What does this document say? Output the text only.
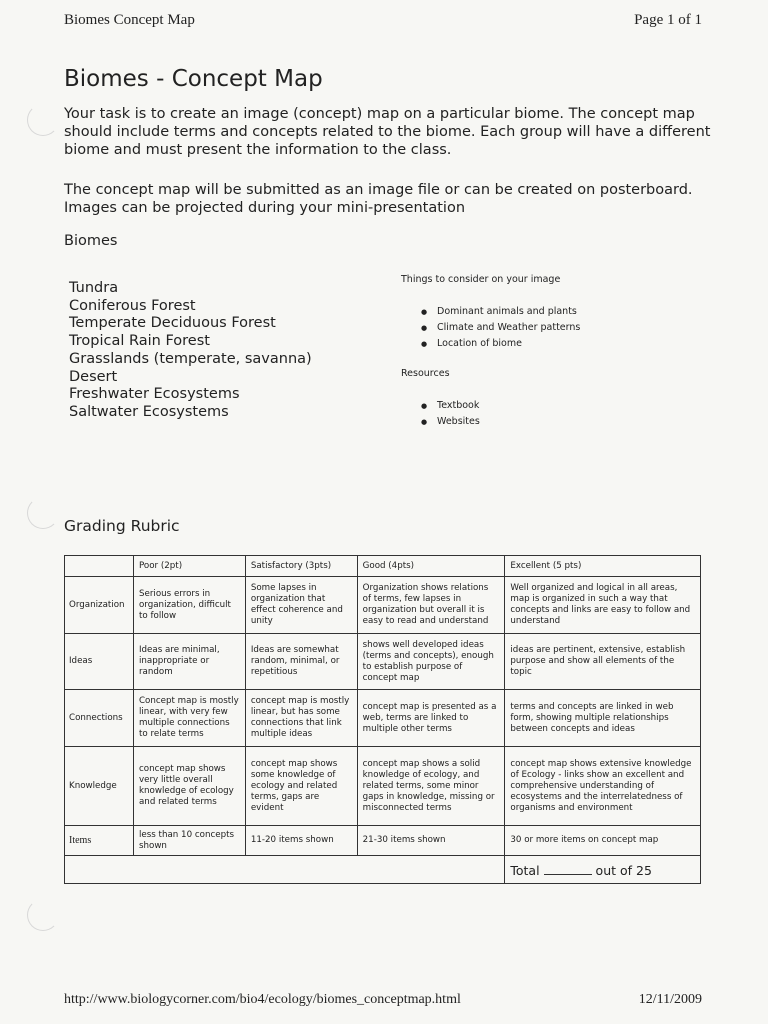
Biomes Concept Map	Page 1 of 1
Biomes - Concept Map

Your task is to create an image (concept) map on a particular biome. The concept map should include terms and concepts related to the biome. Each group will have a different biome and must present the information to the class.

The concept map will be submitted as an image file or can be created on posterboard. Images can be projected during your mini-presentation

Biomes
Tundra
Coniferous Forest
Temperate Deciduous Forest
Tropical Rain Forest
Grasslands (temperate, savanna)
Desert
Freshwater Ecosystems
Saltwater Ecosystems
Things to consider on your image
● Dominant animals and plants
● Climate and Weather patterns
● Location of biome
Resources
● Textbook
● Websites
Grading Rubric
	Poor (2pt)	Satisfactory (3pts)	Good (4pts)	Excellent (5 pts)
Organization	Serious errors in organization, difficult to follow	Some lapses in organization that effect coherence and unity	Organization shows relations of terms, few lapses in organization but overall it is easy to read and understand	Well organized and logical in all areas, map is organized in such a way that concepts and links are easy to follow and understand
Ideas	Ideas are minimal, inappropriate or random	Ideas are somewhat random, minimal, or repetitious	shows well developed ideas (terms and concepts), enough to establish purpose of concept map	ideas are pertinent, extensive, establish purpose and show all elements of the topic
Connections	Concept map is mostly linear, with very few multiple connections to relate terms	concept map is mostly linear, but has some connections that link multiple ideas	concept map is presented as a web, terms are linked to multiple other terms	terms and concepts are linked in web form, showing multiple relationships between concepts and ideas
Knowledge	concept map shows very little overall knowledge of ecology and related terms	concept map shows some knowledge of ecology and related terms, gaps are evident	concept map shows a solid knowledge of ecology, and related terms, some minor gaps in knowledge, missing or misconnected terms	concept map shows extensive knowledge of Ecology - links show an excellent and comprehensive understanding of ecosystems and the interrelatedness of organisms and environment
Items	less than 10 concepts shown	11-20 items shown	21-30 items shown	30 or more items on concept map
				Total out of 25
http://www.biologycorner.com/bio4/ecology/biomes_conceptmap.html	12/11/2009
